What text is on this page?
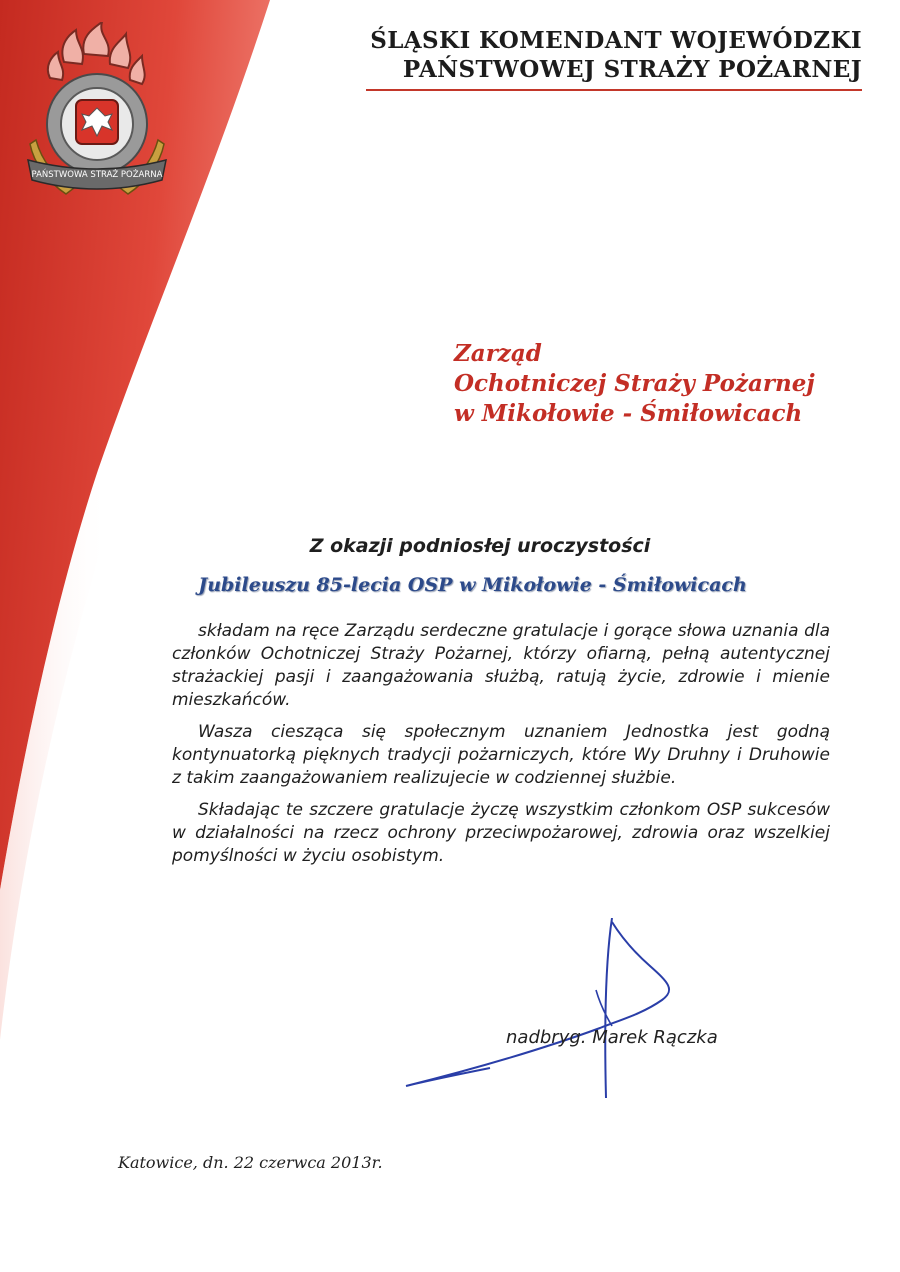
PAŃSTWOWA STRAŻ POŻARNA
ŚLĄSKI KOMENDANT WOJEWÓDZKI
PAŃSTWOWEJ STRAŻY POŻARNEJ
Zarząd
Ochotniczej Straży Pożarnej
w Mikołowie - Śmiłowicach
Z okazji podniosłej uroczystości
Jubileuszu 85-lecia OSP w Mikołowie - Śmiłowicach

składam na ręce Zarządu serdeczne gratulacje i gorące słowa uznania dla członków Ochotniczej Straży Pożarnej, którzy ofiarną, pełną autentycznej strażackiej pasji i zaangażowania służbą, ratują życie, zdrowie i mienie mieszkańców.

Wasza ciesząca się społecznym uznaniem Jednostka jest godną kontynuatorką pięknych tradycji pożarniczych, które Wy Druhny i Druhowie z takim zaangażowaniem realizujecie w codziennej służbie.

Składając te szczere gratulacje życzę wszystkim członkom OSP sukcesów w działalności na rzecz ochrony przeciwpożarowej, zdrowia oraz wszelkiej pomyślności w życiu osobistym.

nadbryg. Marek Rączka
Katowice, dn. 22 czerwca 2013r.
